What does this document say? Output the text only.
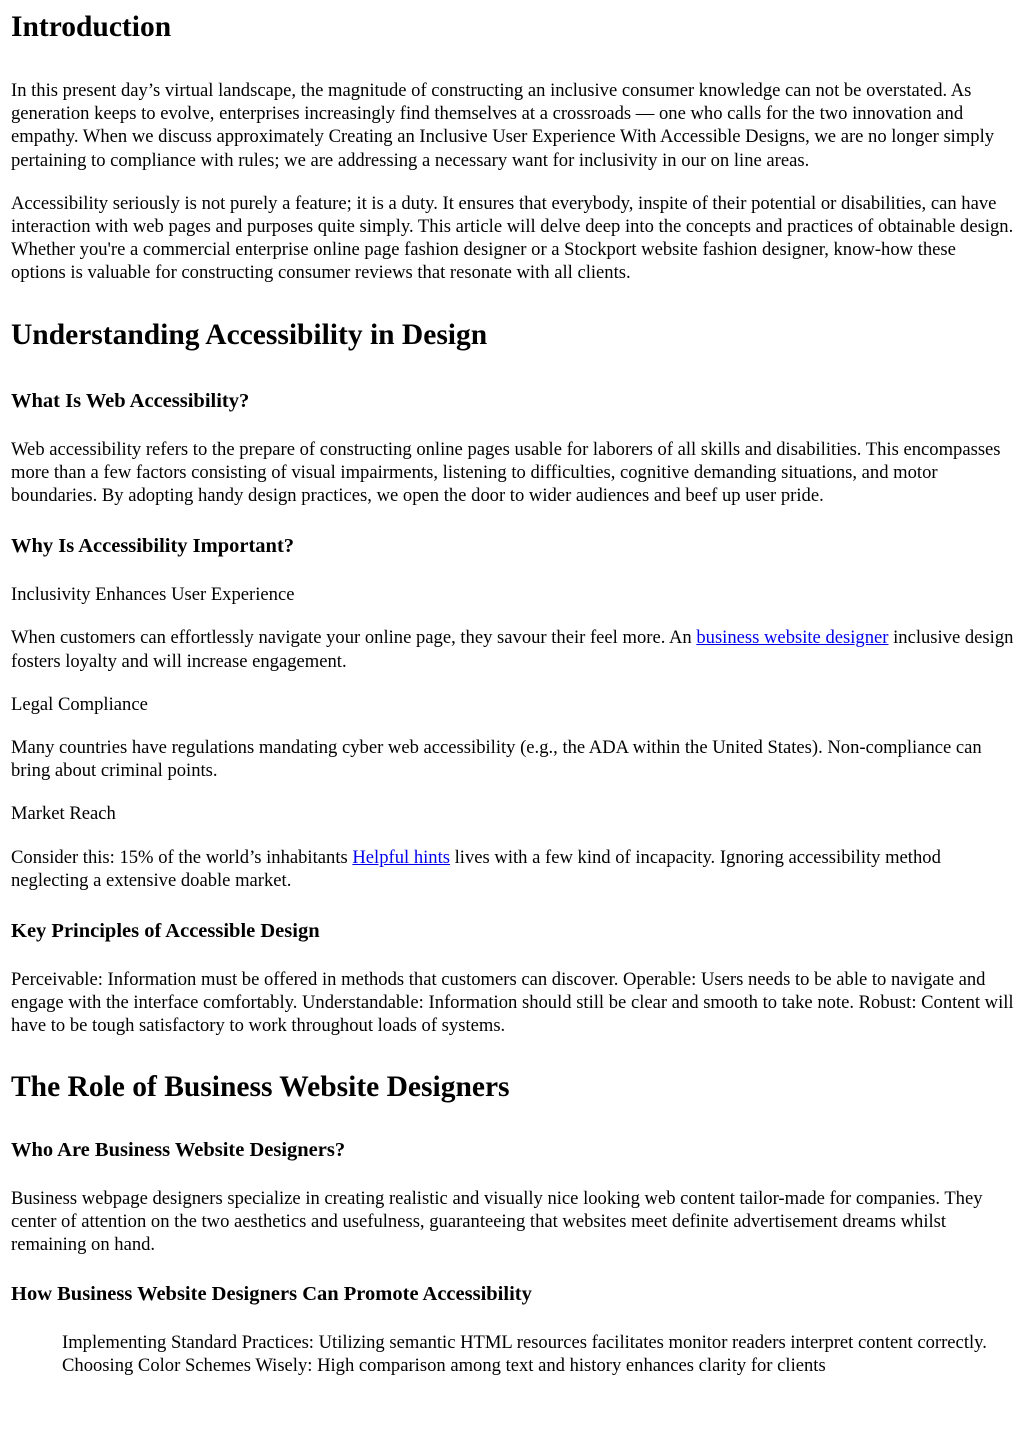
Introduction

In this present day’s virtual landscape, the magnitude of constructing an inclusive consumer knowledge can not be overstated. As generation keeps to evolve, enterprises increasingly find themselves at a crossroads — one who calls for the two innovation and empathy. When we discuss approximately Creating an Inclusive User Experience With Accessible Designs, we are no longer simply pertaining to compliance with rules; we are addressing a necessary want for inclusivity in our on line areas.

Accessibility seriously is not purely a feature; it is a duty. It ensures that everybody, inspite of their potential or disabilities, can have interaction with web pages and purposes quite simply. This article will delve deep into the concepts and practices of obtainable design. Whether you're a commercial enterprise online page fashion designer or a Stockport website fashion designer, know-how these options is valuable for constructing consumer reviews that resonate with all clients.

Understanding Accessibility in Design
What Is Web Accessibility?

Web accessibility refers to the prepare of constructing online pages usable for laborers of all skills and disabilities. This encompasses more than a few factors consisting of visual impairments, listening to difficulties, cognitive demanding situations, and motor boundaries. By adopting handy design practices, we open the door to wider audiences and beef up user pride.

Why Is Accessibility Important?

Inclusivity Enhances User Experience

When customers can effortlessly navigate your online page, they savour their feel more. An business website designer inclusive design fosters loyalty and will increase engagement.

Legal Compliance

Many countries have regulations mandating cyber web accessibility (e.g., the ADA within the United States). Non-compliance can bring about criminal points.

Market Reach

Consider this: 15% of the world’s inhabitants Helpful hints lives with a few kind of incapacity. Ignoring accessibility method neglecting a extensive doable market.

Key Principles of Accessible Design

Perceivable: Information must be offered in methods that customers can discover. Operable: Users needs to be able to navigate and engage with the interface comfortably. Understandable: Information should still be clear and smooth to take note. Robust: Content will have to be tough satisfactory to work throughout loads of systems.

The Role of Business Website Designers
Who Are Business Website Designers?

Business webpage designers specialize in creating realistic and visually nice looking web content tailor-made for companies. They center of attention on the two aesthetics and usefulness, guaranteeing that websites meet definite advertisement dreams whilst remaining on hand.

How Business Website Designers Can Promote Accessibility

Implementing Standard Practices: Utilizing semantic HTML resources facilitates monitor readers interpret content correctly. Choosing Color Schemes Wisely: High comparison among text and history enhances clarity for clients
